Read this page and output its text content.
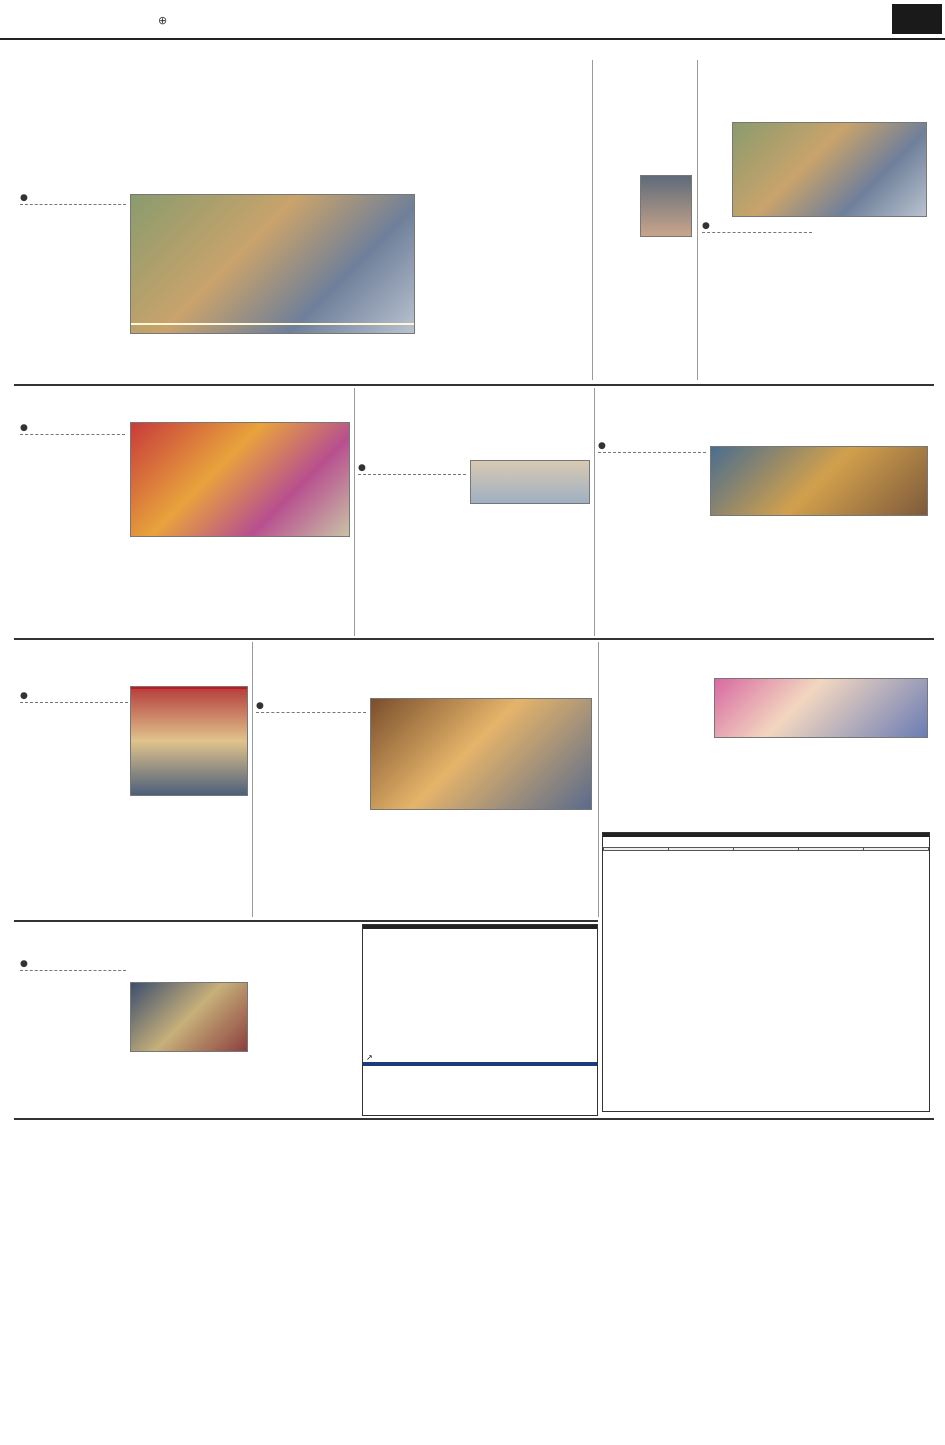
⊕
●
●
●
●
●
●
●

●
↗
